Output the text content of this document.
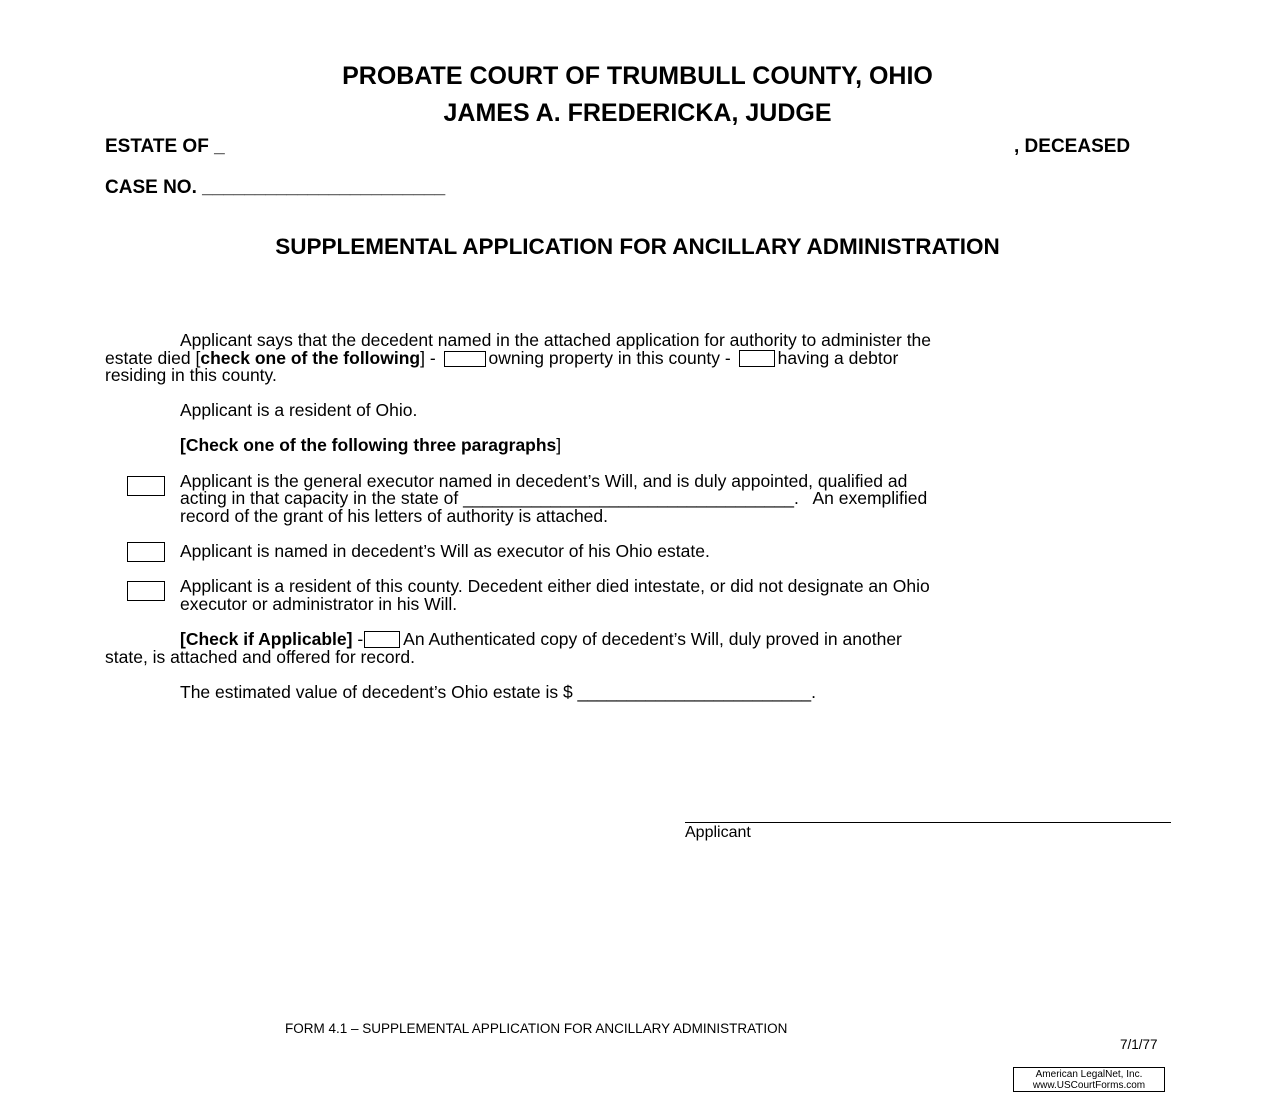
PROBATE COURT OF TRUMBULL COUNTY, OHIO
JAMES A. FREDERICKA, JUDGE
ESTATE OF _	, DECEASED
CASE NO. _______________________
SUPPLEMENTAL APPLICATION FOR ANCILLARY ADMINISTRATION
Applicant says that the decedent named in the attached application for authority to administer the
estate died [check one of the following] -	owning property in this county -	having a debtor
residing in this county.
Applicant is a resident of Ohio.
[Check one of the following three paragraphs]
Applicant is the general executor named in decedent’s Will, and is duly appointed, qualified ad
acting in that capacity in the state of __________________________________.   An exemplified
record of the grant of his letters of authority is attached.
Applicant is named in decedent’s Will as executor of his Ohio estate.
Applicant is a resident of this county. Decedent either died intestate, or did not designate an Ohio
executor or administrator in his Will.
[Check if Applicable] - An Authenticated copy of decedent’s Will, duly proved in another
state, is attached and offered for record.
The estimated value of decedent’s Ohio estate is $ ________________________.
Applicant
FORM 4.1 – SUPPLEMENTAL APPLICATION FOR ANCILLARY ADMINISTRATION
7/1/77
American LegalNet, Inc.
www.USCourtForms.com
